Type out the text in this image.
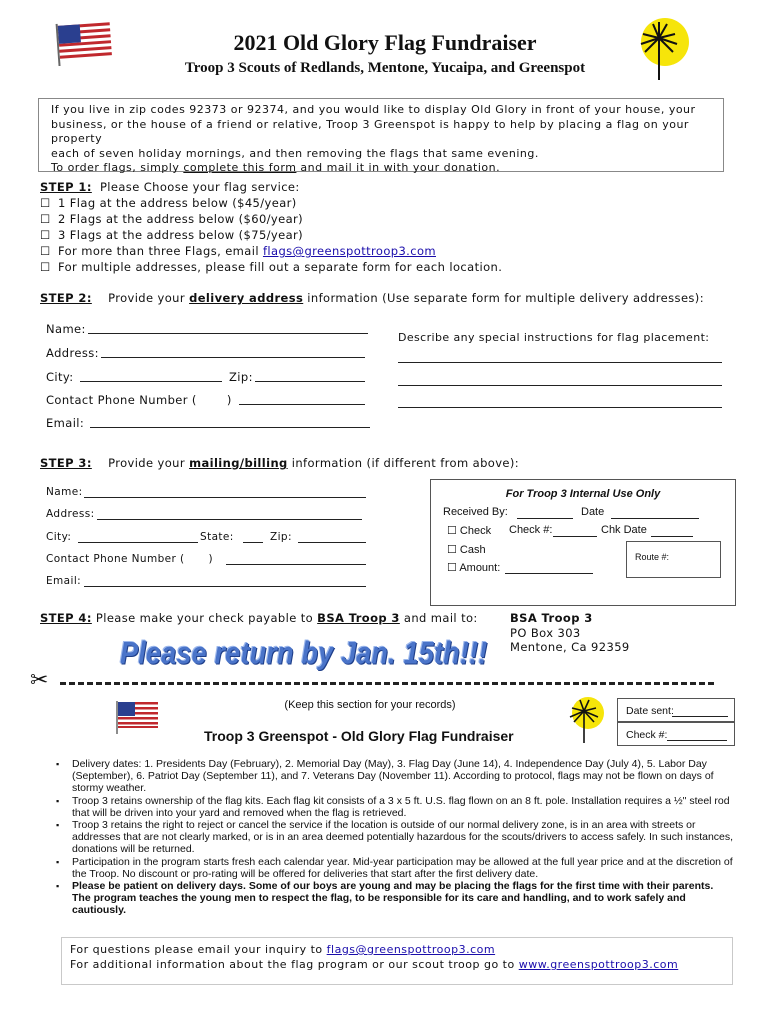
2021 Old Glory Flag Fundraiser
Troop 3 Scouts of Redlands, Mentone, Yucaipa, and Greenspot
If you live in zip codes 92373 or 92374, and you would like to display Old Glory in front of your house, your
business, or the house of a friend or relative, Troop 3 Greenspot is happy to help by placing a flag on your property
each of seven holiday mornings, and then removing the flags that same evening.
To order flags, simply complete this form and mail it in with your donation.
STEP 1: Please Choose your flag service:
☐ 1 Flag at the address below ($45/year)
☐ 2 Flags at the address below ($60/year)
☐ 3 Flags at the address below ($75/year)
☐ For more than three Flags, email flags@greenspottroop3.com
☐ For multiple addresses, please fill out a separate form for each location.
STEP 2: Provide your delivery address information (Use separate form for multiple delivery addresses):
Name:
Address:
City:	Zip:
Contact Phone Number (	)
Email:
Describe any special instructions for flag placement:
STEP 3: Provide your mailing/billing information (if different from above):
Name:
Address:
City:	State:	Zip:
Contact Phone Number ( )
Email:
For Troop 3 Internal Use Only
Received By:	Date
☐ Check Check #:	Chk Date
☐ Cash
☐ Amount:
Route #:
STEP 4: Please make your check payable to BSA Troop 3 and mail to:	BSA Troop 3
PO Box 303
Mentone, Ca 92359
Please return by Jan. 15th!!!
✂
(Keep this section for your records)
Troop 3 Greenspot - Old Glory Flag Fundraiser
Date sent:
Check #:
▪ Delivery dates: 1. Presidents Day (February), 2. Memorial Day (May), 3. Flag Day (June 14), 4. Independence Day (July 4), 5. Labor Day (September), 6. Patriot Day (September 11), and 7. Veterans Day (November 11). According to protocol, flags may not be flown on days of stormy weather.
▪ Troop 3 retains ownership of the flag kits. Each flag kit consists of a 3 x 5 ft. U.S. flag flown on an 8 ft. pole. Installation requires a ½" steel rod that will be driven into your yard and removed when the flag is retrieved.
▪ Troop 3 retains the right to reject or cancel the service if the location is outside of our normal delivery zone, is in an area with streets or addresses that are not clearly marked, or is in an area deemed potentially hazardous for the scouts/drivers to access safely. In such instances, donations will be returned.
▪ Participation in the program starts fresh each calendar year. Mid-year participation may be allowed at the full year price and at the discretion of the Troop. No discount or pro-rating will be offered for deliveries that start after the first delivery date.
▪ Please be patient on delivery days. Some of our boys are young and may be placing the flags for the first time with their parents. The program teaches the young men to respect the flag, to be responsible for its care and handling, and to work safely and cautiously.
For questions please email your inquiry to flags@greenspottroop3.com
For additional information about the flag program or our scout troop go to www.greenspottroop3.com
